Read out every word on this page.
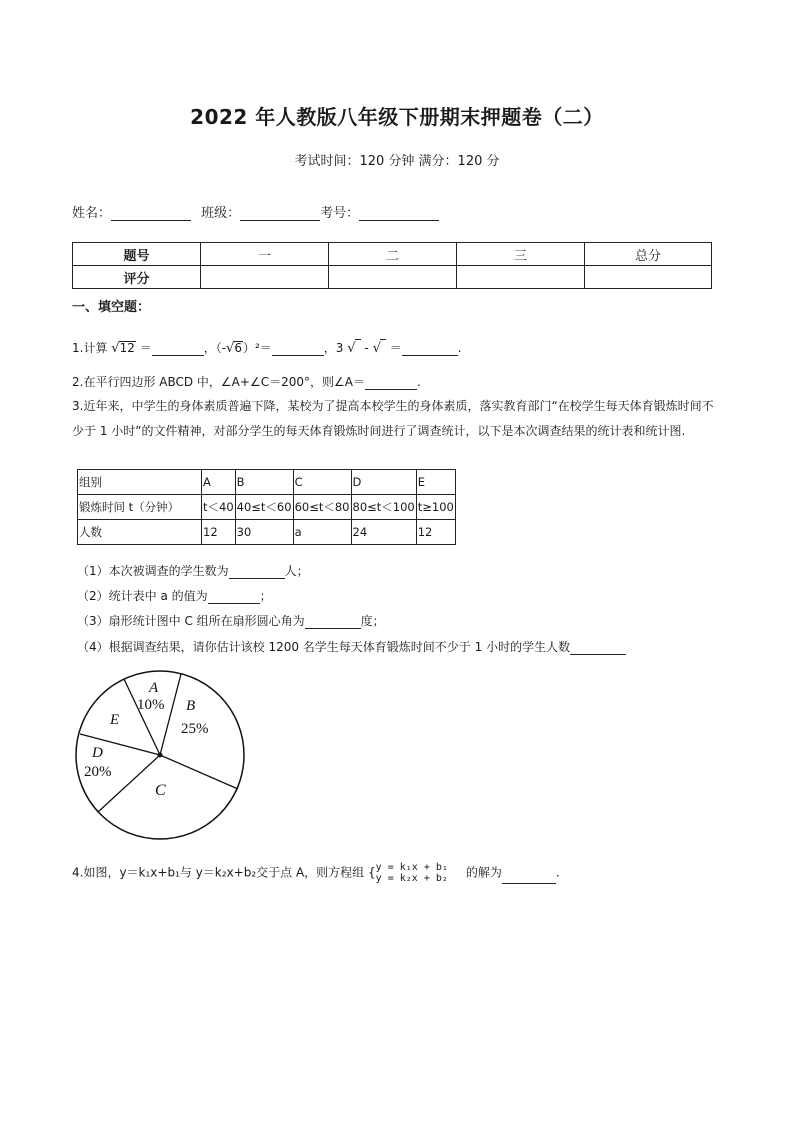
2022 年人教版八年级下册期末押题卷（二）
考试时间：120 分钟 满分：120 分
姓名：	班级：	考号：
题号	一	二	三	总分
评分				
一、填空题：
1.计算 √12 ＝	，（-√6）²＝	，3 √ - √ ＝	.
2.在平行四边形 ABCD 中，∠A+∠C＝200°，则∠A＝	.
3.近年来，中学生的身体素质普遍下降，某校为了提高本校学生的身体素质，落实教育部门“在校学生每天体育锻炼时间不少于 1 小时”的文件精神，对部分学生的每天体育锻炼时间进行了调查统计，以下是本次调查结果的统计表和统计图.
组别	A	B	C	D	E
锻炼时间 t（分钟）	t＜40	40≤t＜60	60≤t＜80	80≤t＜100	t≥100
人数	12	30	a	24	12
（1）本次被调查的学生数为	人；
（2）统计表中 a 的值为	；
（3）扇形统计图中 C 组所在扇形圆心角为	度；
（4）根据调查结果，请你估计该校 1200 名学生每天体育锻炼时间不少于 1 小时的学生人数
A
10% B
25%
E
D
20%
C
4.如图，y＝k₁x+b₁与 y＝k₂x+b₂交于点 A，则方程组 { y = k₁x + b₁
y = k₂x + b₂ 的解为	.
